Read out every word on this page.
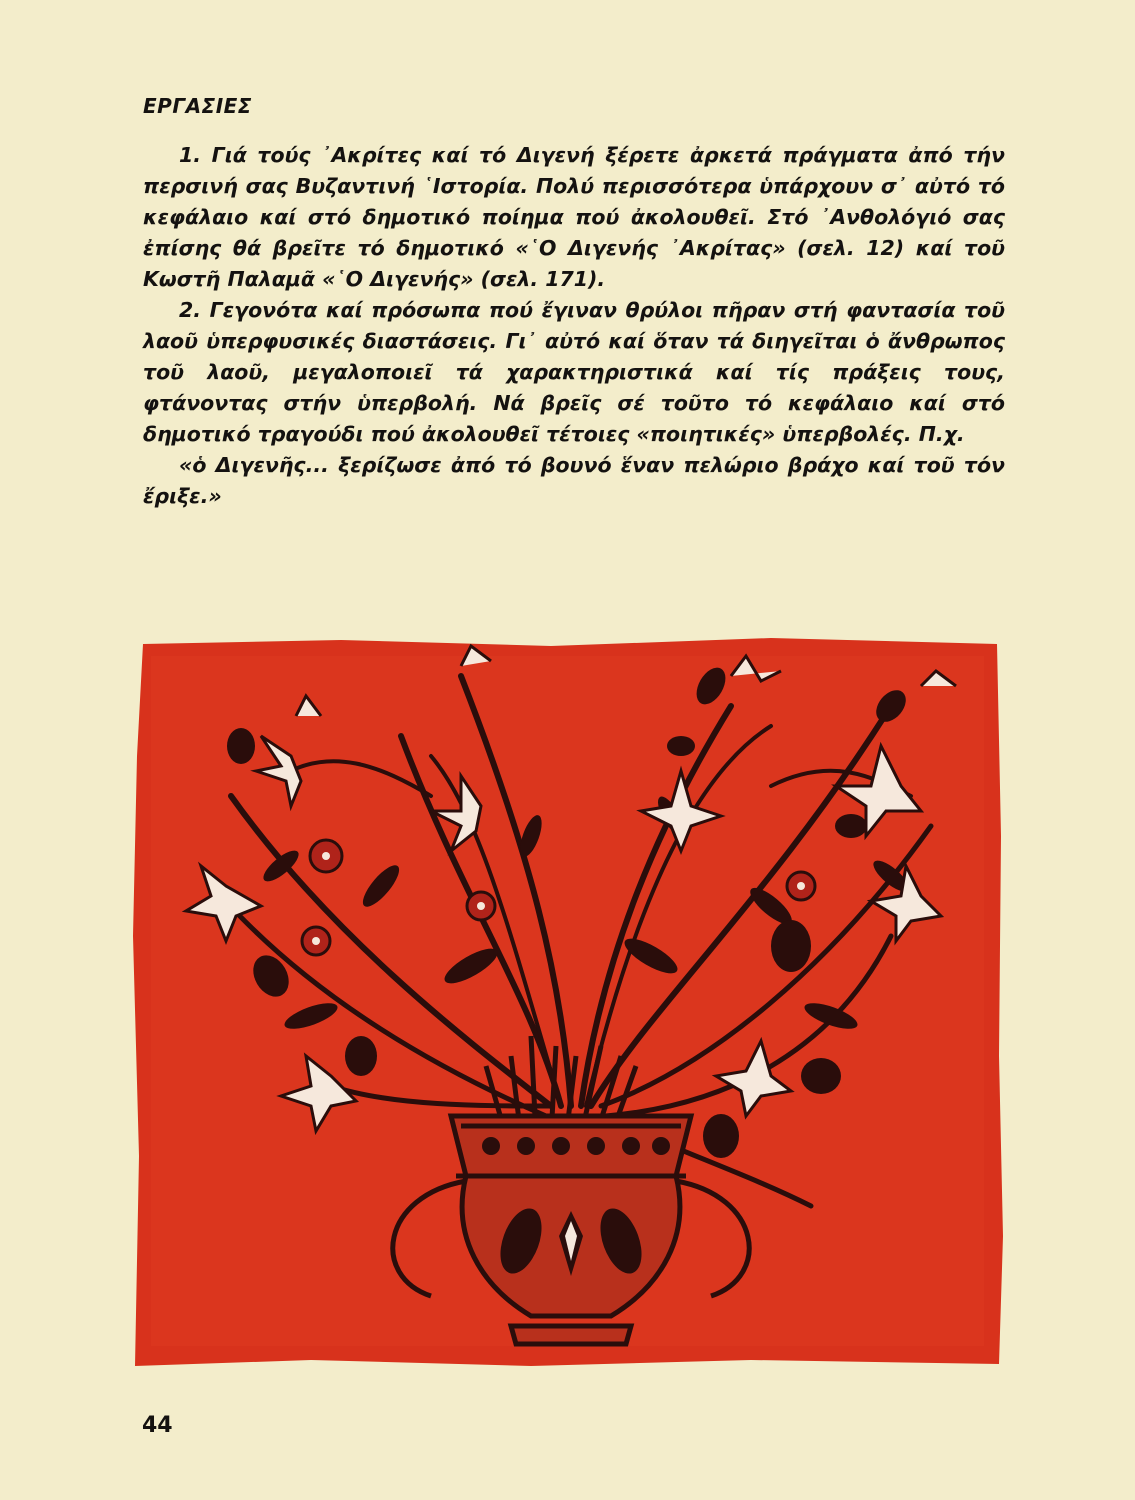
ΕΡΓΑΣΙΕΣ

1. Γιά τούς ᾿Ακρίτες καί τό Διγενή ξέρετε ἀρκετά πράγματα ἀπό τήν περσινή σας Βυζαντινή ῾Ιστορία. Πολύ περισσότερα ὑπάρχουν σ᾿ αὐτό τό κεφάλαιο καί στό δημοτικό ποίημα πού ἀκολουθεῖ. Στό ᾿Ανθολόγιό σας ἐπίσης θά βρεῖτε τό δημοτικό «῾Ο Διγενής ᾿Ακρίτας» (σελ. 12) καί τοῦ Κωστῆ Παλαμᾶ «῾Ο Διγενής» (σελ. 171).

2. Γεγονότα καί πρόσωπα πού ἔγιναν θρύλοι πῆραν στή φαντασία τοῦ λαοῦ ὑπερφυσικές διαστάσεις. Γι᾿ αὐτό καί ὅταν τά διηγεῖται ὁ ἄνθρωπος τοῦ λαοῦ, μεγαλοποιεῖ τά χαρακτηριστικά καί τίς πράξεις τους, φτάνοντας στήν ὑπερβολή. Νά βρεῖς σέ τοῦτο τό κεφάλαιο καί στό δημοτικό τραγούδι πού ἀκολουθεῖ τέτοιες «ποιητικές» ὑπερβολές. Π.χ.

«ὁ Διγενῆς... ξερίζωσε ἀπό τό βουνό ἕναν πελώριο βράχο καί τοῦ τόν ἔριξε.»

44
